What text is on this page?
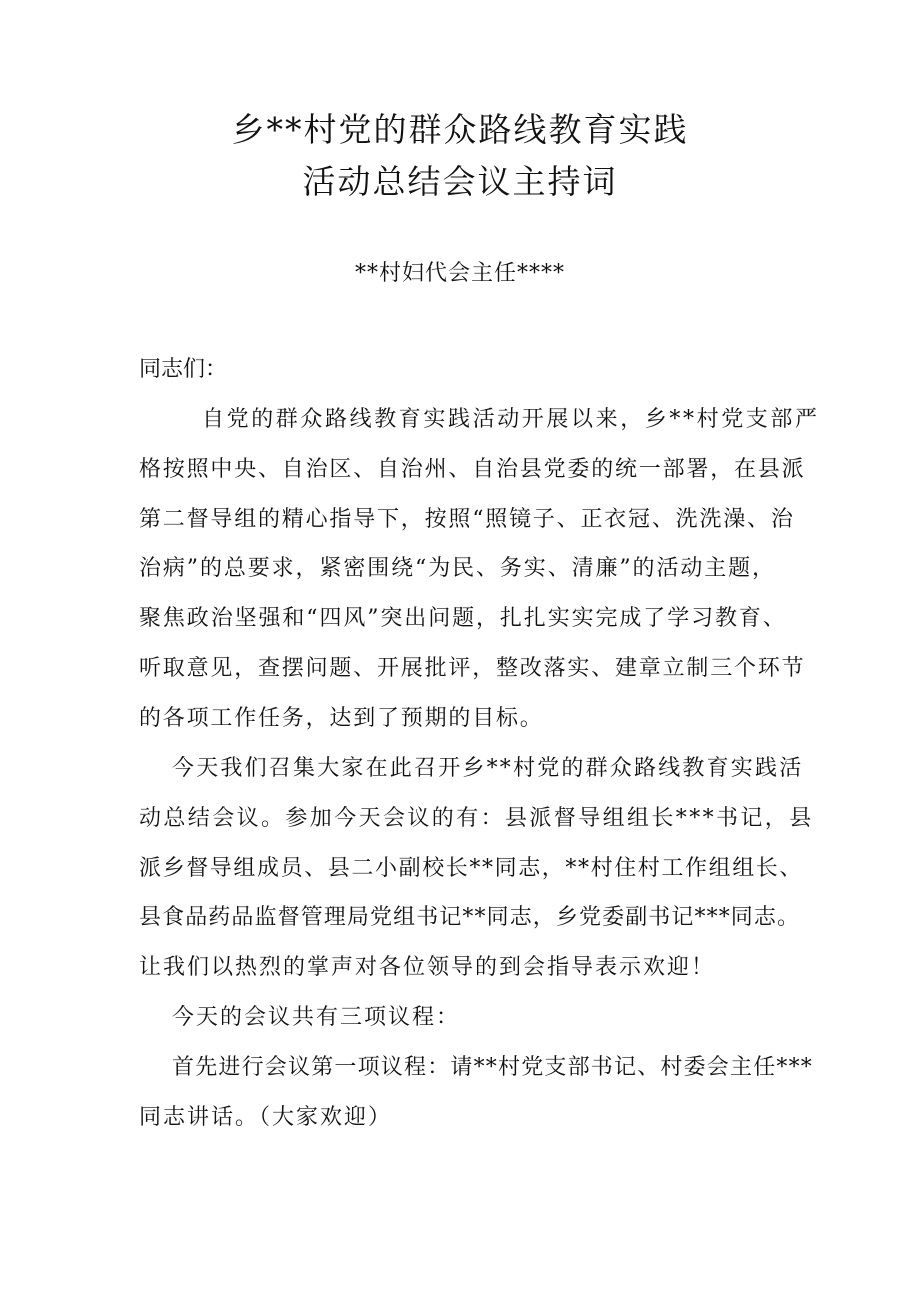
乡**村党的群众路线教育实践
活动总结会议主持词
**村妇代会主任****
同志们：
自党的群众路线教育实践活动开展以来，乡**村党支部严
格按照中央、自治区、自治州、自治县党委的统一部署，在县派
第二督导组的精心指导下，按照“照镜子、正衣冠、洗洗澡、治
治病”的总要求，紧密围绕“为民、务实、清廉”的活动主题，
聚焦政治坚强和“四风”突出问题，扎扎实实完成了学习教育、
听取意见，查摆问题、开展批评，整改落实、建章立制三个环节
的各项工作任务，达到了预期的目标。
今天我们召集大家在此召开乡**村党的群众路线教育实践活
动总结会议。参加今天会议的有：县派督导组组长***书记，县
派乡督导组成员、县二小副校长**同志，**村住村工作组组长、
县食品药品监督管理局党组书记**同志，乡党委副书记***同志。
让我们以热烈的掌声对各位领导的到会指导表示欢迎！
今天的会议共有三项议程：
首先进行会议第一项议程：请**村党支部书记、村委会主任***
同志讲话。（大家欢迎）
